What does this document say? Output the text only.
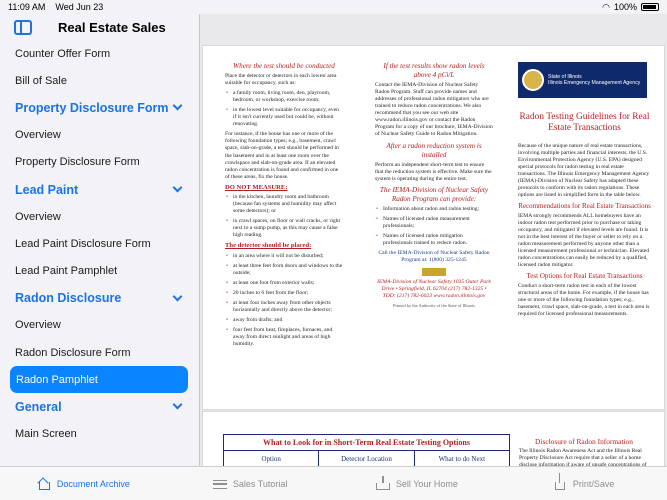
11:09 AM Wed Jun 23	◠ 100%
Real Estate Sales
Counter Offer Form
Bill of Sale
Property Disclosure Form
Overview
Property Disclosure Form
Lead Paint
Overview
Lead Paint Disclosure Form
Lead Paint Pamphlet
Radon Disclosure
Overview
Radon Disclosure Form
Radon Pamphlet
General
Main Screen
Where the test should be conducted
Place the detector or detectors in each lowest area suitable for occupancy, such as:
• a family room, living room, den, playroom, bedroom, or workshop, exercise room;
• in the lowest level suitable for occupancy, even if it isn't currently used but could be, without renovating.
For instance, if the house has one or more of the following foundation types; e.g., basement, crawl space, slab-on-grade, a test should be performed in the basement and in at least one room over the crawlspace and slab-on-grade area. If an elevated radon concentration is found and confirmed in one of these areas, fix the house.
DO NOT MEASURE:
• in the kitchen, laundry room and bathroom (because fan systems and humidity may affect some detectors); or
• in crawl spaces, on floor or wall cracks, or right next to a sump pump, as this may cause a false high reading.
The detector should be placed:
• in an area where it will not be disturbed;
• at least three feet from doors and windows to the outside;
• at least one foot from exterior walls;
• 20 inches to 6 feet from the floor;
• at least four inches away from other objects horizontally and directly above the detector;
• away from drafts; and
• four feet from heat, fireplaces, furnaces, and away from direct sunlight and areas of high humidity.
If the test results show radon levels above 4 pCi/L
Contact the IEMA-Division of Nuclear Safety Radon Program. Staff can provide names and addresses of professional radon mitigators who are trained to reduce radon concentrations. We also recommend that you see our web site www.radon.illinois.gov or contact the Radon Program for a copy of our brochure, IEMA-Division of Nuclear Safety Guide to Radon Mitigation.
After a radon reduction system is installed
Perform an independent short-term test to ensure that the reduction system is effective. Make sure the system is operating during the entire test.
The IEMA-Division of Nuclear Safety Radon Program can provide:
• Information about radon and radon testing;
• Names of licensed radon measurement professionals;
• Names of licensed radon mitigation professionals trained to reduce radon.
Call the IEMA-Division of Nuclear Safety Radon Program at: 1(800) 325-1245
IEMA-Division of Nuclear Safety 1035 Outer Park Drive • Springfield, IL 62704 (217) 782-1325 • TDD: (217) 782-6023 www.radon.illinois.gov
Printed by the Authority of the State of Illinois
State of Illinois
Illinois Emergency Management Agency
Radon Testing Guidelines for Real Estate Transactions
Because of the unique nature of real estate transactions, involving multiple parties and financial interests, the U.S. Environmental Protection Agency (U.S. EPA) designed special protocols for radon testing in real estate transactions. The Illinois Emergency Management Agency (IEMA)-Division of Nuclear Safety has adapted these protocols to conform with its radon regulations. These options are listed in simplified form in the table below.
Recommendations for Real Estate Transactions
IEMA strongly recommends ALL homebuyers have an indoor radon test performed prior to purchase or taking occupancy, and mitigated if elevated levels are found. It is not in the best interest of the buyer or seller to rely on a radon measurement performed by anyone other than a licensed measurement professional or technician. Elevated radon concentrations can easily be reduced by a qualified, licensed radon mitigator.
Test Options for Real Estate Transactions
Conduct a short-term radon test in each of the lowest structural areas of the home. For example, if the house has one or more of the following foundation types; e.g., basement, crawl space, slab-on-grade, a test in each area is required for licensed professional measurements.
What to Look for in Short-Term Real Estate Testing Options
Option	Detector Location	What to do Next
Disclosure of Radon Information
The Illinois Radon Awareness Act and the Illinois Real Property Disclosure Act require that a seller of a home
Document Archive	Sales Tutorial	Sell Your Home	Print/Save
